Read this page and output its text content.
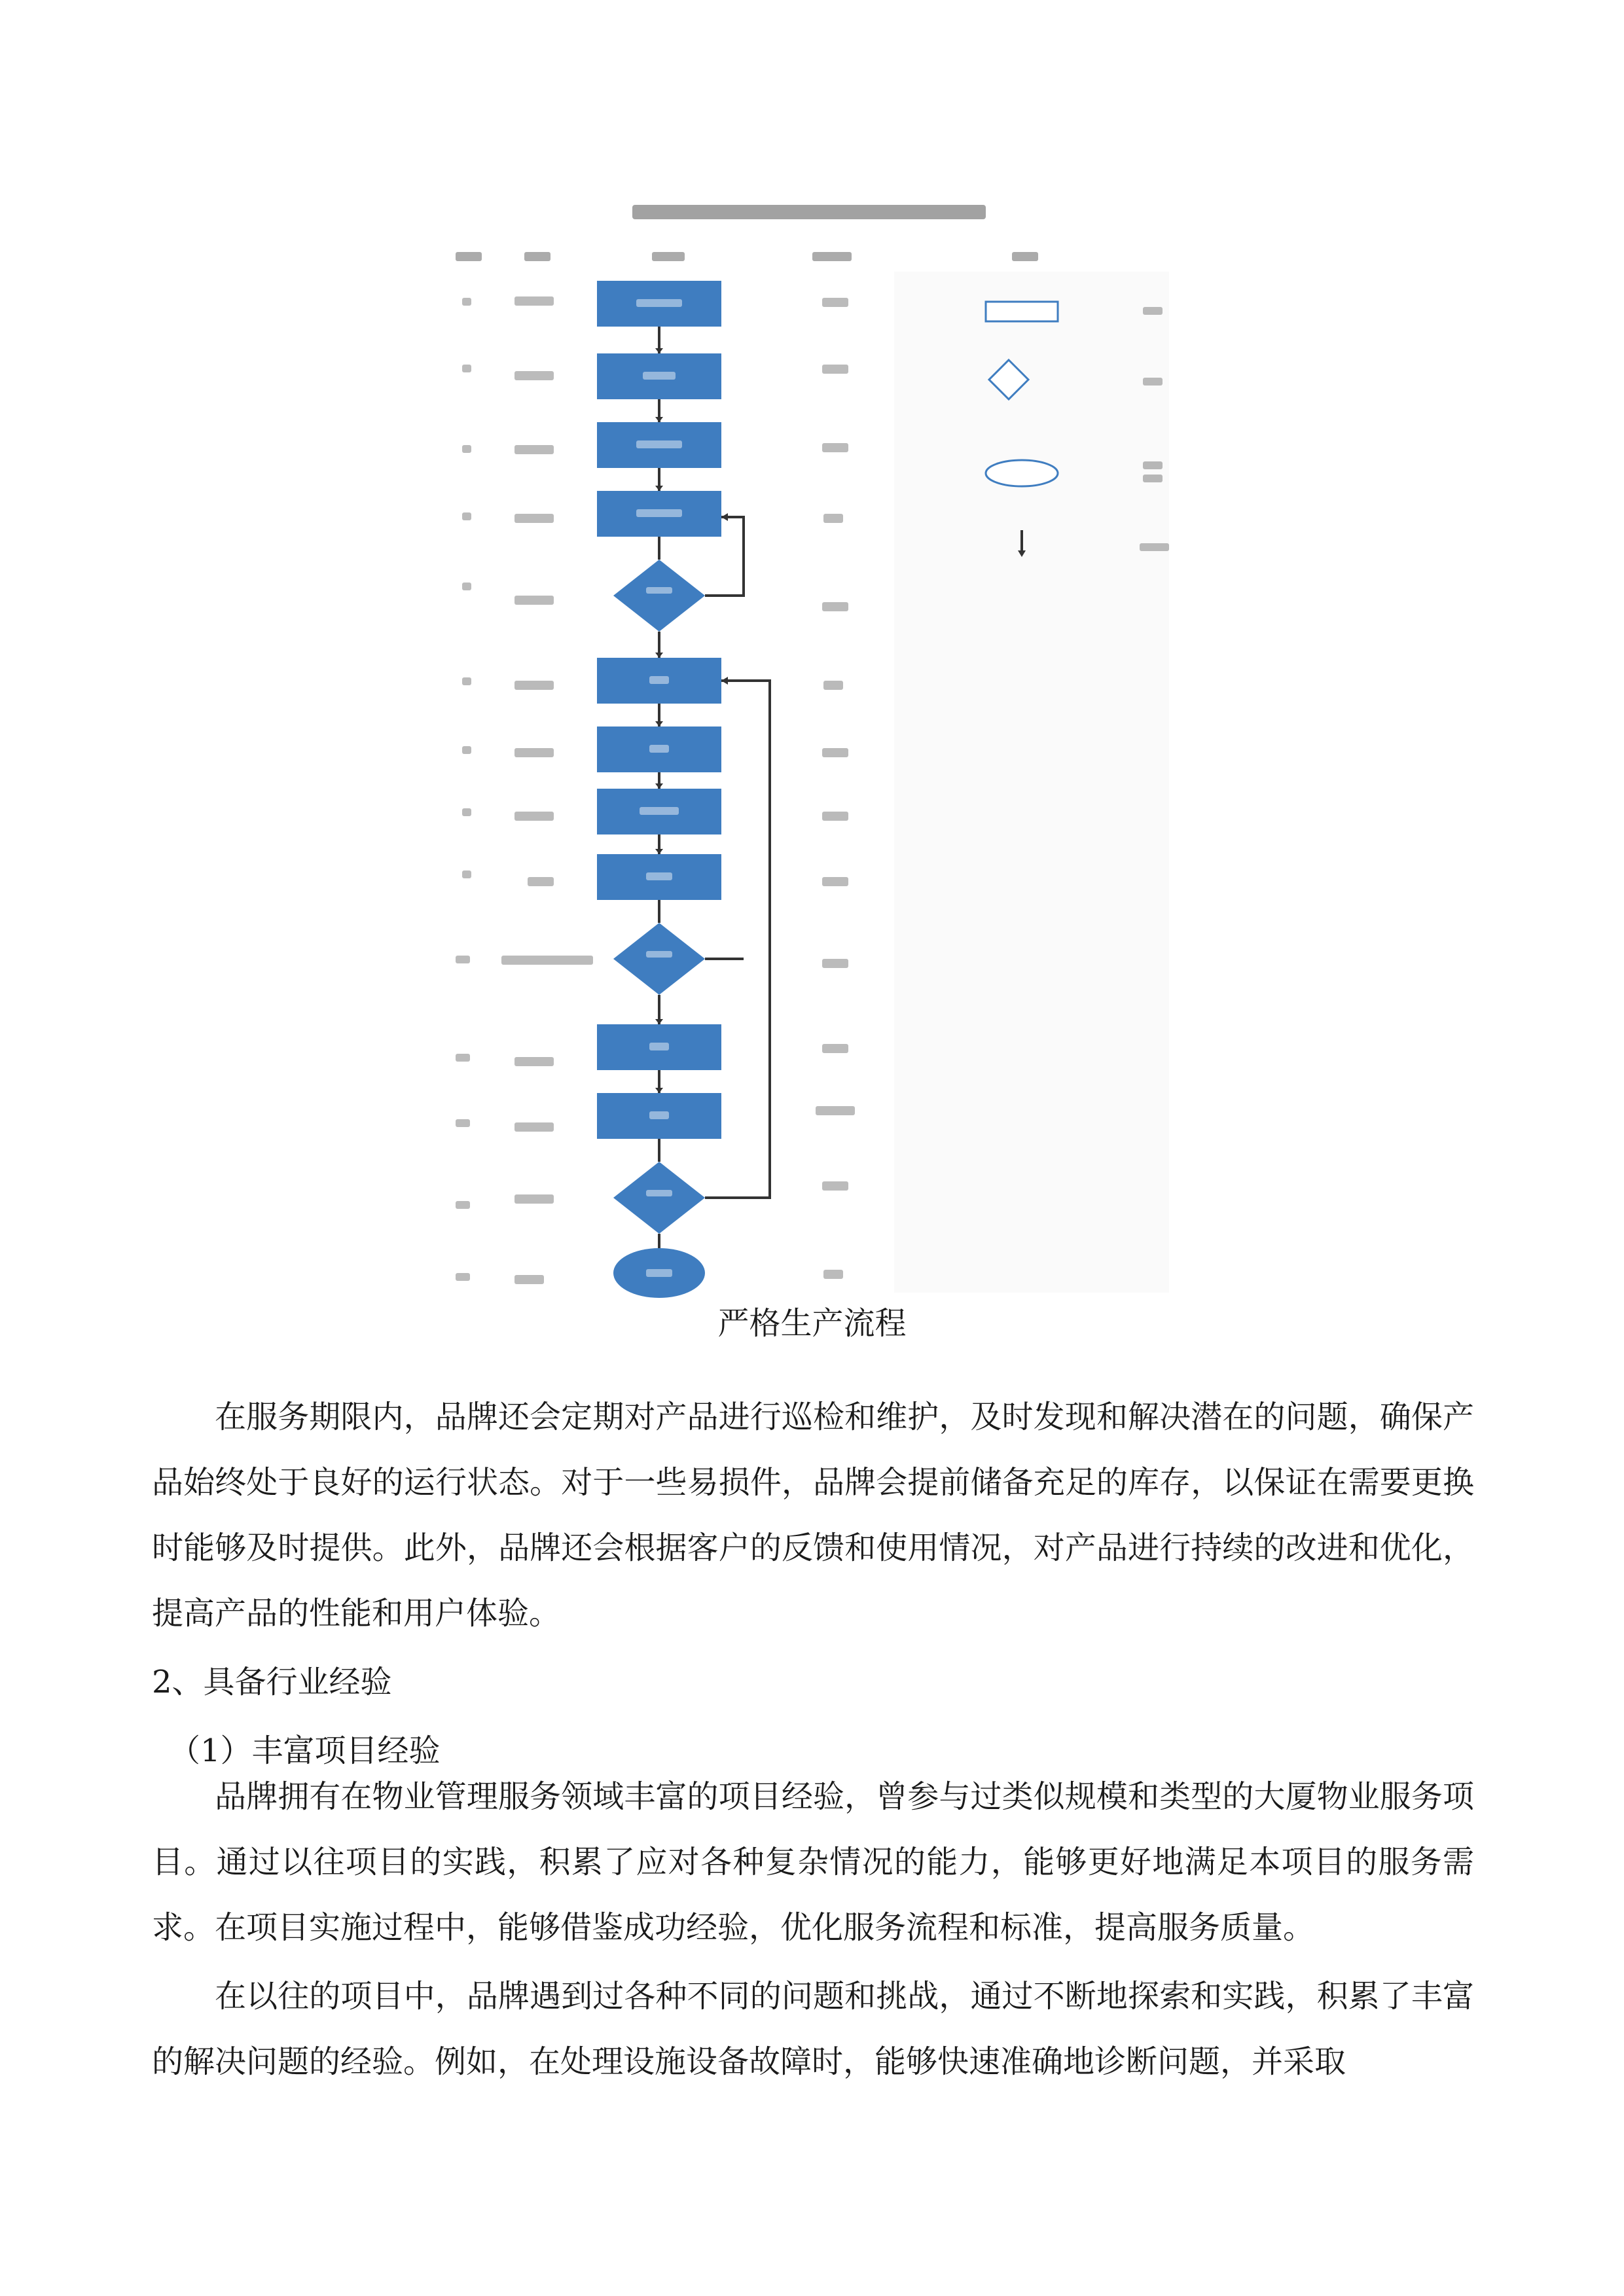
严格生产流程

在服务期限内，品牌还会定期对产品进行巡检和维护，及时发现和解决潜在的问题，确保产品始终处于良好的运行状态。对于一些易损件，品牌会提前储备充足的库存，以保证在需要更换时能够及时提供。此外，品牌还会根据客户的反馈和使用情况，对产品进行持续的改进和优化，提高产品的性能和用户体验。

2、具备行业经验

（1）丰富项目经验

品牌拥有在物业管理服务领域丰富的项目经验，曾参与过类似规模和类型的大厦物业服务项目。通过以往项目的实践，积累了应对各种复杂情况的能力，能够更好地满足本项目的服务需求。在项目实施过程中，能够借鉴成功经验，优化服务流程和标准，提高服务质量。

在以往的项目中，品牌遇到过各种不同的问题和挑战，通过不断地探索和实践，积累了丰富的解决问题的经验。例如，在处理设施设备故障时，能够快速准确地诊断问题，并采取
